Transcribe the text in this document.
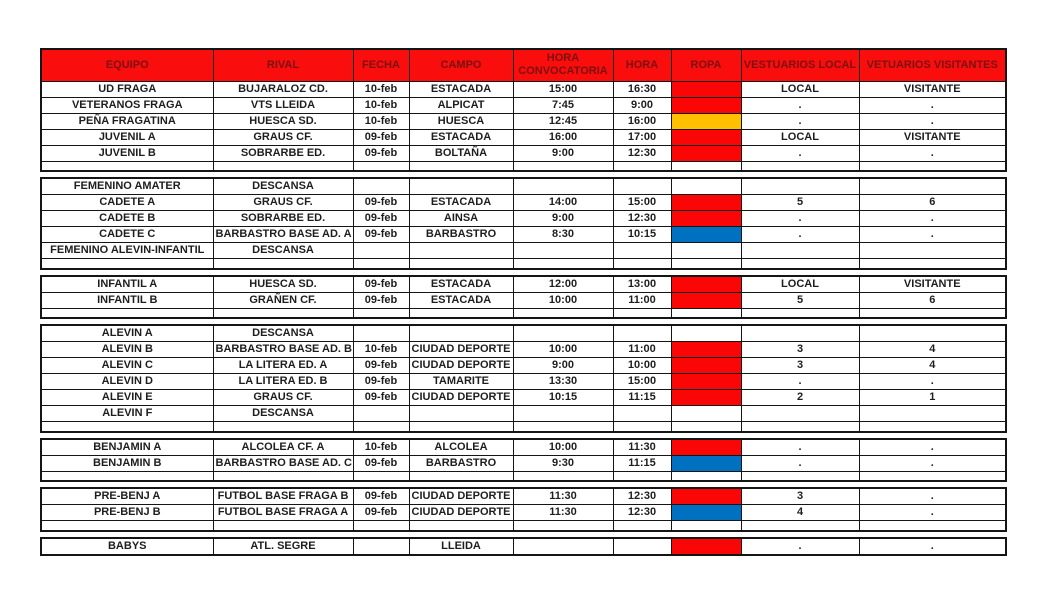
EQUIPO	RIVAL	FECHA	CAMPO	HORA CONVOCATORIA	HORA	ROPA	VESTUARIOS LOCAL	VETUARIOS VISITANTES
UD FRAGA	BUJARALOZ CD.	10-feb	ESTACADA	15:00	16:30		LOCAL	VISITANTE
VETERANOS FRAGA	VTS LLEIDA	10-feb	ALPICAT	7:45	9:00		.	.
PEÑA FRAGATINA	HUESCA SD.	10-feb	HUESCA	12:45	16:00		.	.
JUVENIL A	GRAUS CF.	09-feb	ESTACADA	16:00	17:00		LOCAL	VISITANTE
JUVENIL B	SOBRARBE ED.	09-feb	BOLTAÑA	9:00	12:30		.	.

FEMENINO AMATER	DESCANSA							
CADETE A	GRAUS CF.	09-feb	ESTACADA	14:00	15:00		5	6
CADETE B	SOBRARBE ED.	09-feb	AINSA	9:00	12:30		.	.
CADETE C	BARBASTRO BASE AD. A	09-feb	BARBASTRO	8:30	10:15		.	.
FEMENINO ALEVIN-INFANTIL	DESCANSA							

INFANTIL A	HUESCA SD.	09-feb	ESTACADA	12:00	13:00		LOCAL	VISITANTE
INFANTIL B	GRAÑEN CF.	09-feb	ESTACADA	10:00	11:00		5	6

ALEVIN A	DESCANSA							
ALEVIN B	BARBASTRO BASE AD. B	10-feb	CIUDAD DEPORTE	10:00	11:00		3	4
ALEVIN C	LA LITERA ED. A	09-feb	CIUDAD DEPORTE	9:00	10:00		3	4
ALEVIN D	LA LITERA ED. B	09-feb	TAMARITE	13:30	15:00		.	.
ALEVIN E	GRAUS CF.	09-feb	CIUDAD DEPORTE	10:15	11:15		2	1
ALEVIN F	DESCANSA							

BENJAMIN A	ALCOLEA CF. A	10-feb	ALCOLEA	10:00	11:30		.	.
BENJAMIN B	BARBASTRO BASE AD. C	09-feb	BARBASTRO	9:30	11:15		.	.

PRE-BENJ A	FUTBOL BASE FRAGA B	09-feb	CIUDAD DEPORTE	11:30	12:30		3	.
PRE-BENJ B	FUTBOL BASE FRAGA A	09-feb	CIUDAD DEPORTE	11:30	12:30		4	.

BABYS	ATL. SEGRE		LLEIDA				.	.
